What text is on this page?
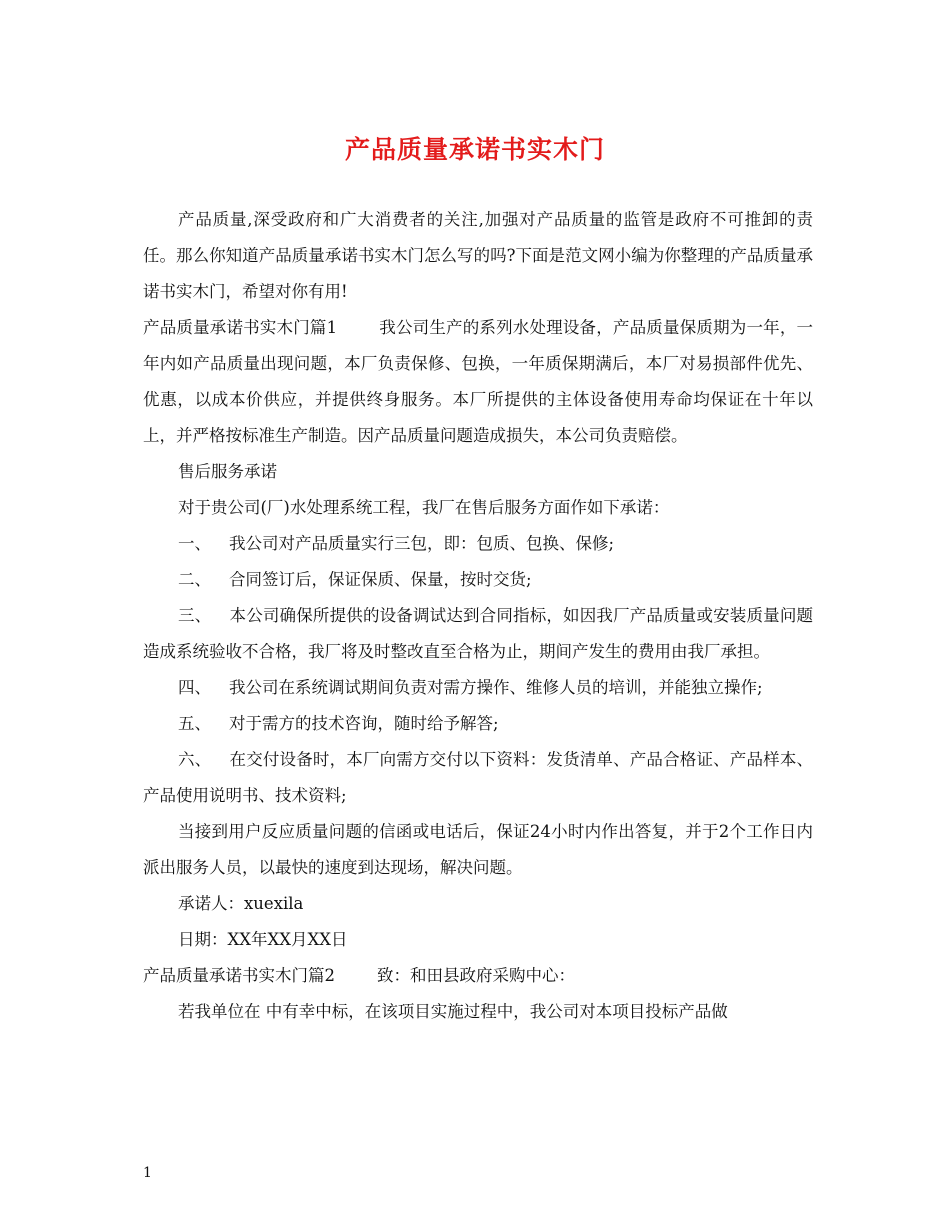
产品质量承诺书实木门

产品质量,深受政府和广大消费者的关注,加强对产品质量的监管是政府不可推卸的责任。那么你知道产品质量承诺书实木门怎么写的吗?下面是范文网小编为你整理的产品质量承诺书实木门，希望对你有用!

产品质量承诺书实木门篇1	我公司生产的系列水处理设备，产品质量保质期为一年，一年内如产品质量出现问题，本厂负责保修、包换，一年质保期满后，本厂对易损部件优先、优惠，以成本价供应，并提供终身服务。本厂所提供的主体设备使用寿命均保证在十年以上，并严格按标准生产制造。因产品质量问题造成损失，本公司负责赔偿。

售后服务承诺

对于贵公司(厂)水处理系统工程，我厂在售后服务方面作如下承诺：

一、 我公司对产品质量实行三包，即：包质、包换、保修;

二、 合同签订后，保证保质、保量，按时交货;

三、 本公司确保所提供的设备调试达到合同指标，如因我厂产品质量或安装质量问题造成系统验收不合格，我厂将及时整改直至合格为止，期间产发生的费用由我厂承担。

四、 我公司在系统调试期间负责对需方操作、维修人员的培训，并能独立操作;

五、 对于需方的技术咨询，随时给予解答;

六、 在交付设备时，本厂向需方交付以下资料：发货清单、产品合格证、产品样本、产品使用说明书、技术资料;

当接到用户反应质量问题的信函或电话后，保证24小时内作出答复，并于2个工作日内派出服务人员，以最快的速度到达现场，解决问题。

承诺人：xuexila

日期：XX年XX月XX日

产品质量承诺书实木门篇2	致：和田县政府采购中心：

若我单位在 中有幸中标，在该项目实施过程中，我公司对本项目投标产品做

1
